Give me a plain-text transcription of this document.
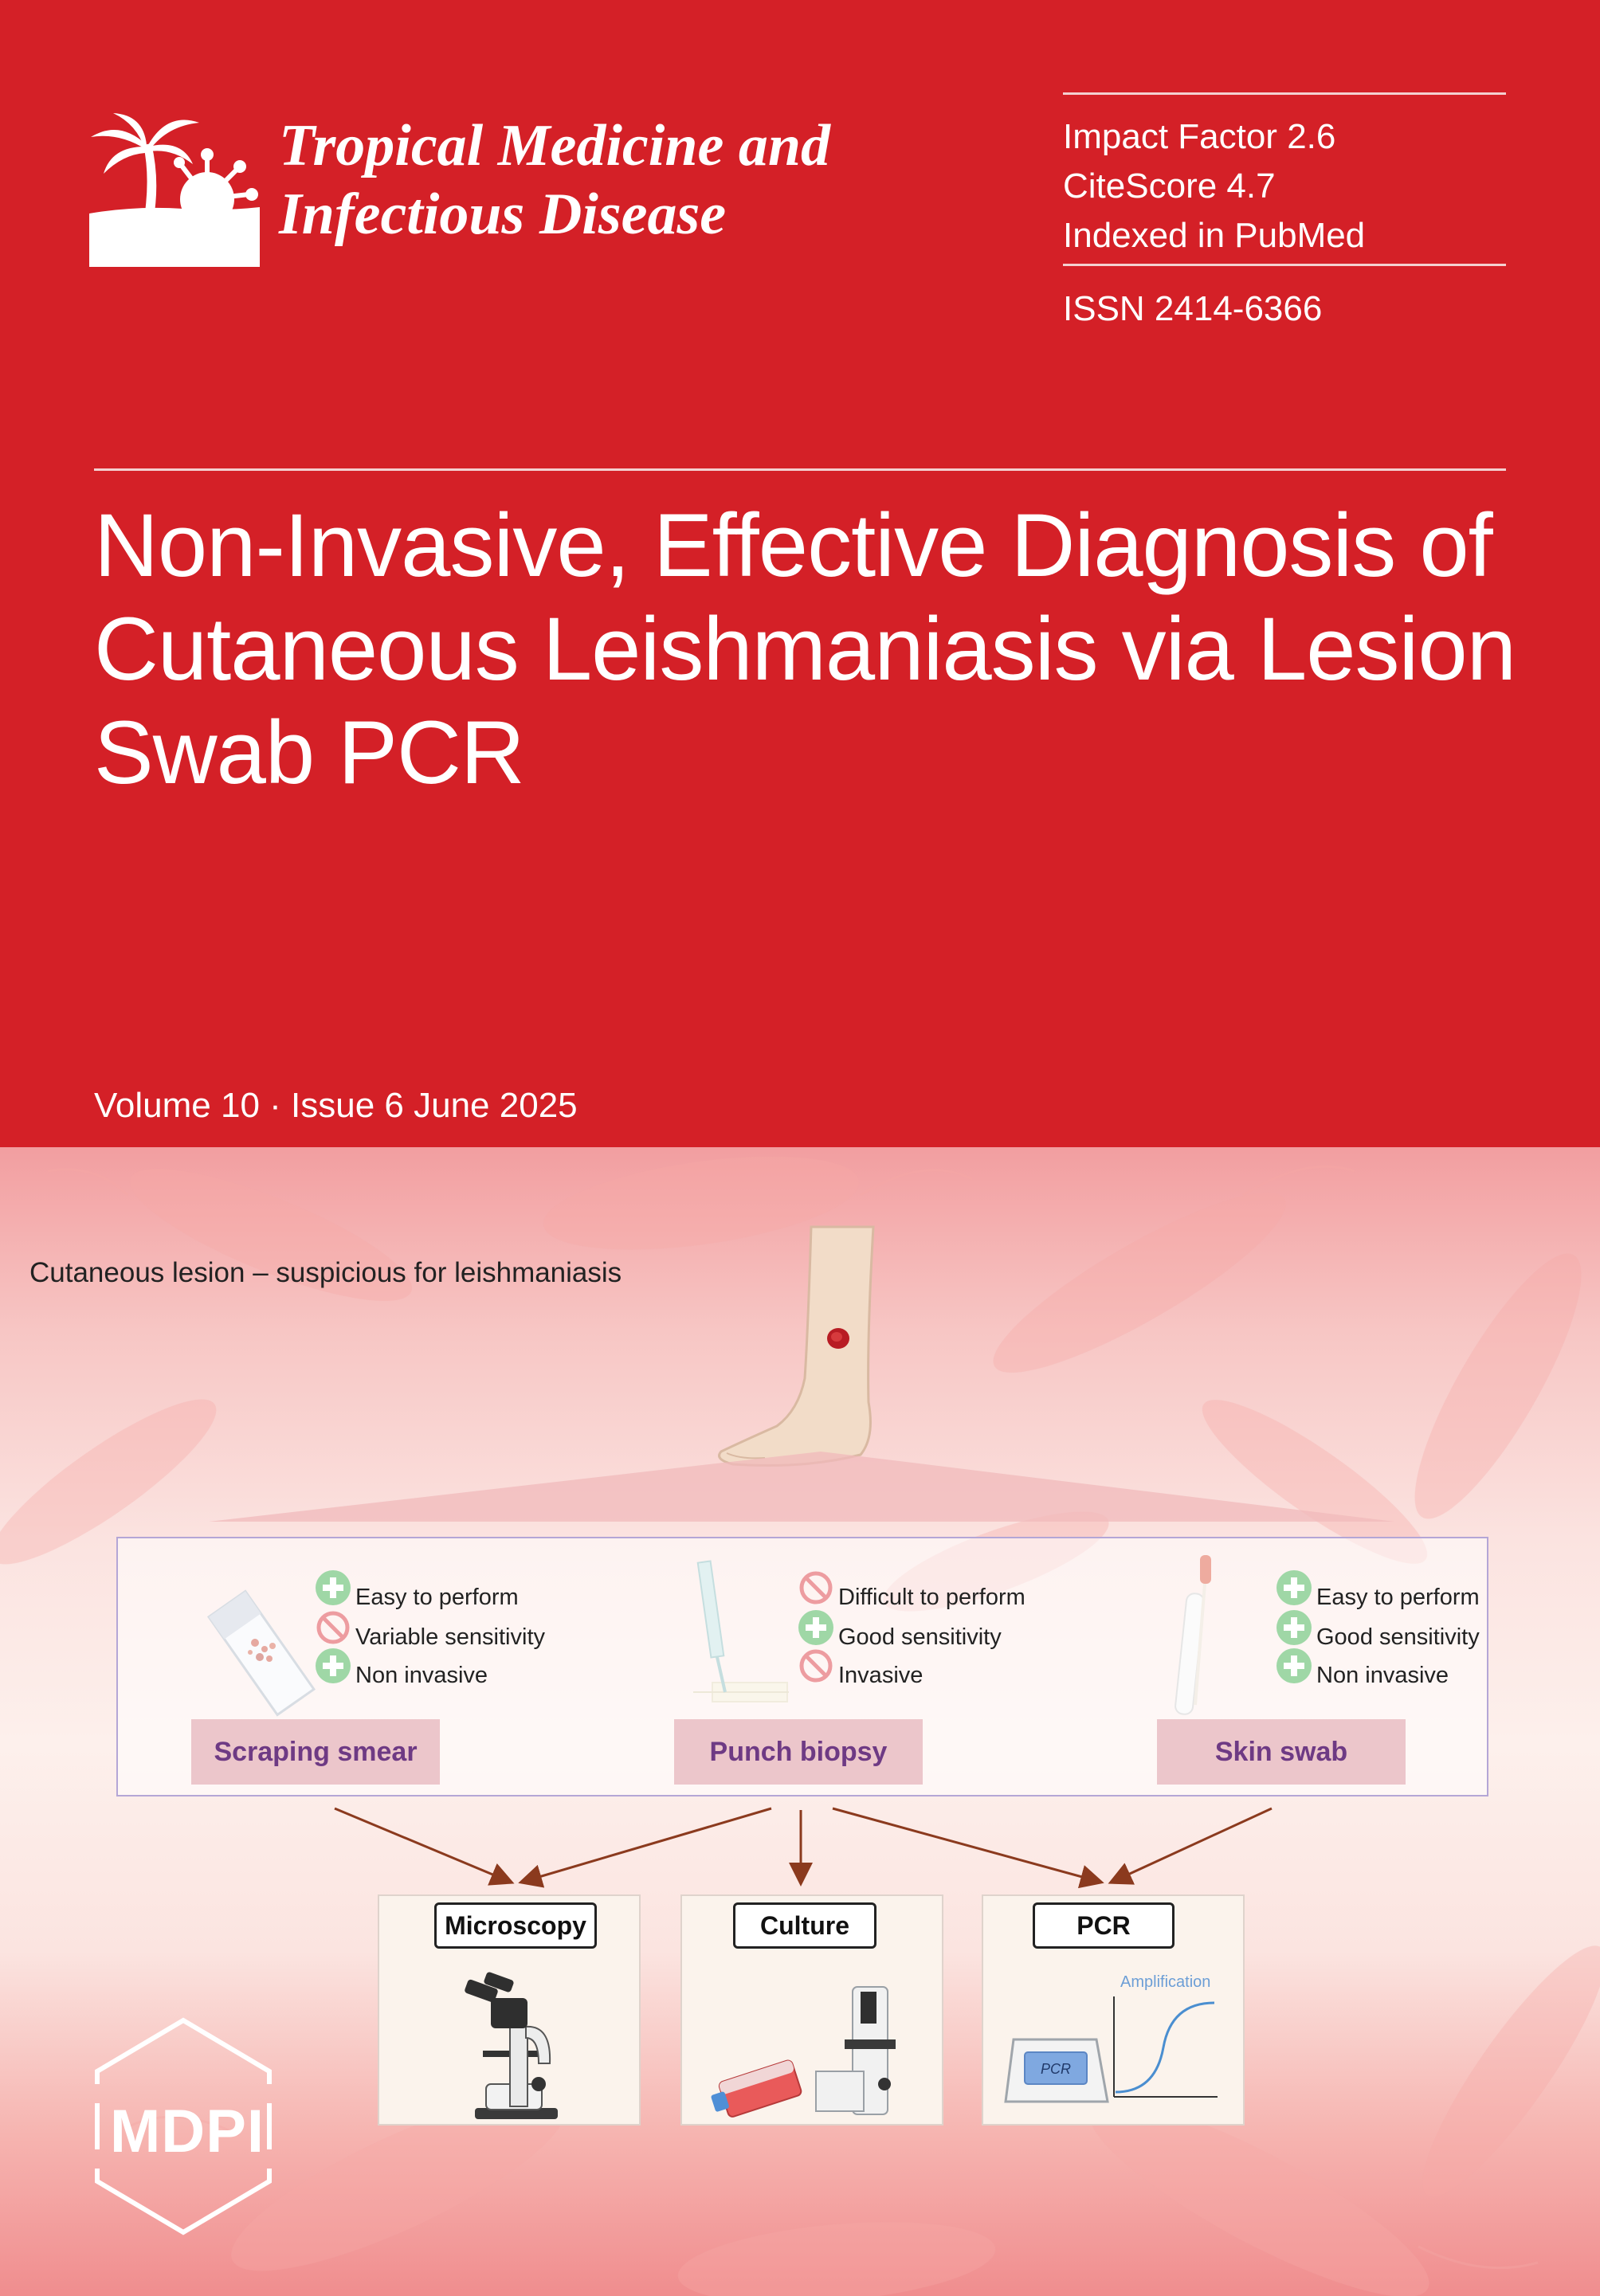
Tropical Medicine and
Infectious Disease
Impact Factor 2.6
CiteScore 4.7
Indexed in PubMed
ISSN 2414-6366
Non-Invasive, Effective Diagnosis of Cutaneous Leishmaniasis via Lesion Swab PCR
Volume 10 · Issue 6 June 2025
Cutaneous lesion – suspicious for leishmaniasis
Easy to perform
Variable sensitivity
Non invasive
Difficult to perform
Good sensitivity
Invasive
Easy to perform
Good sensitivity
Non invasive
Scraping smear	Punch biopsy	Skin swab
Microscopy	Culture	PCR
PCR
Amplification
MDPI
